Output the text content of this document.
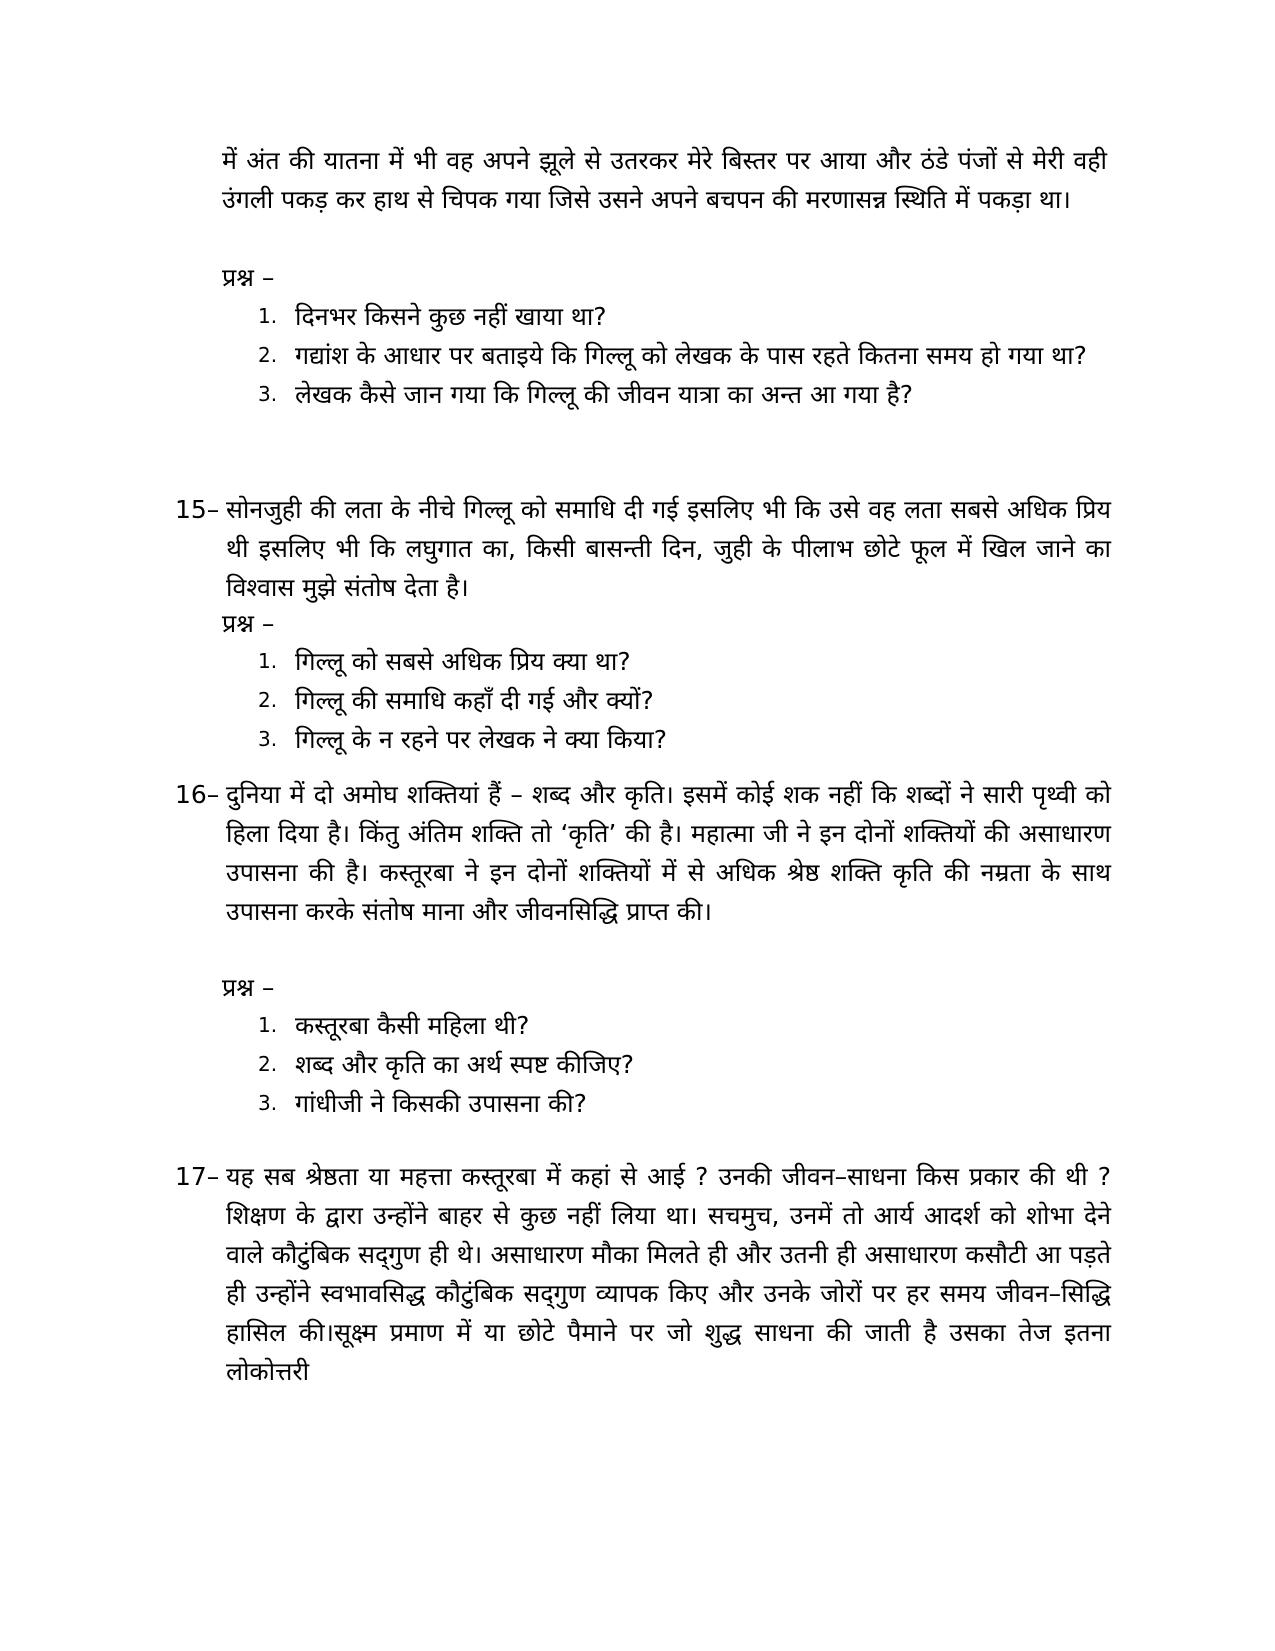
में अंत की यातना में भी वह अपने झूले से उतरकर मेरे बिस्तर पर आया और ठंडे पंजों से मेरी वही उंगली पकड़ कर हाथ से चिपक गया जिसे उसने अपने बचपन की मरणासन्न स्थिति में पकड़ा था।

प्रश्न –

1. दिनभर किसने कुछ नहीं खाया था?
2. गद्यांश के आधार पर बताइये कि गिल्लू को लेखक के पास रहते कितना समय हो गया था?
3. लेखक कैसे जान गया कि गिल्लू की जीवन यात्रा का अन्त आ गया है?

15– सोनजुही की लता के नीचे गिल्लू को समाधि दी गई इसलिए भी कि उसे वह लता सबसे अधिक प्रिय थी इसलिए भी कि लघुगात का, किसी बासन्ती दिन, जुही के पीलाभ छोटे फूल में खिल जाने का विश्वास मुझे संतोष देता है।

प्रश्न –

1. गिल्लू को सबसे अधिक प्रिय क्या था?
2. गिल्लू की समाधि कहाँ दी गई और क्यों?
3. गिल्लू के न रहने पर लेखक ने क्या किया?

16– दुनिया में दो अमोघ शक्तियां हैं – शब्द और कृति। इसमें कोई शक नहीं कि शब्दों ने सारी पृथ्वी को हिला दिया है। किंतु अंतिम शक्ति तो ‘कृति’ की है। महात्मा जी ने इन दोनों शक्तियों की असाधारण उपासना की है। कस्तूरबा ने इन दोनों शक्तियों में से अधिक श्रेष्ठ शक्ति कृति की नम्रता के साथ उपासना करके संतोष माना और जीवनसिद्धि प्राप्त की।

प्रश्न –

1. कस्तूरबा कैसी महिला थी?
2. शब्द और कृति का अर्थ स्पष्ट कीजिए?
3. गांधीजी ने किसकी उपासना की?

17– यह सब श्रेष्ठता या महत्ता कस्तूरबा में कहां से आई ? उनकी जीवन–साधना किस प्रकार की थी ? शिक्षण के द्वारा उन्होंने बाहर से कुछ नहीं लिया था। सचमुच, उनमें तो आर्य आदर्श को शोभा देने वाले कौटुंबिक सद्‌गुण ही थे। असाधारण मौका मिलते ही और उतनी ही असाधारण कसौटी आ पड़ते ही उन्होंने स्वभावसिद्ध कौटुंबिक सद्‌गुण व्यापक किए और उनके जोरों पर हर समय जीवन–सिद्धि हासिल की।सूक्ष्म प्रमाण में या छोटे पैमाने पर जो शुद्ध साधना की जाती है उसका तेज इतना लोकोत्तरी
